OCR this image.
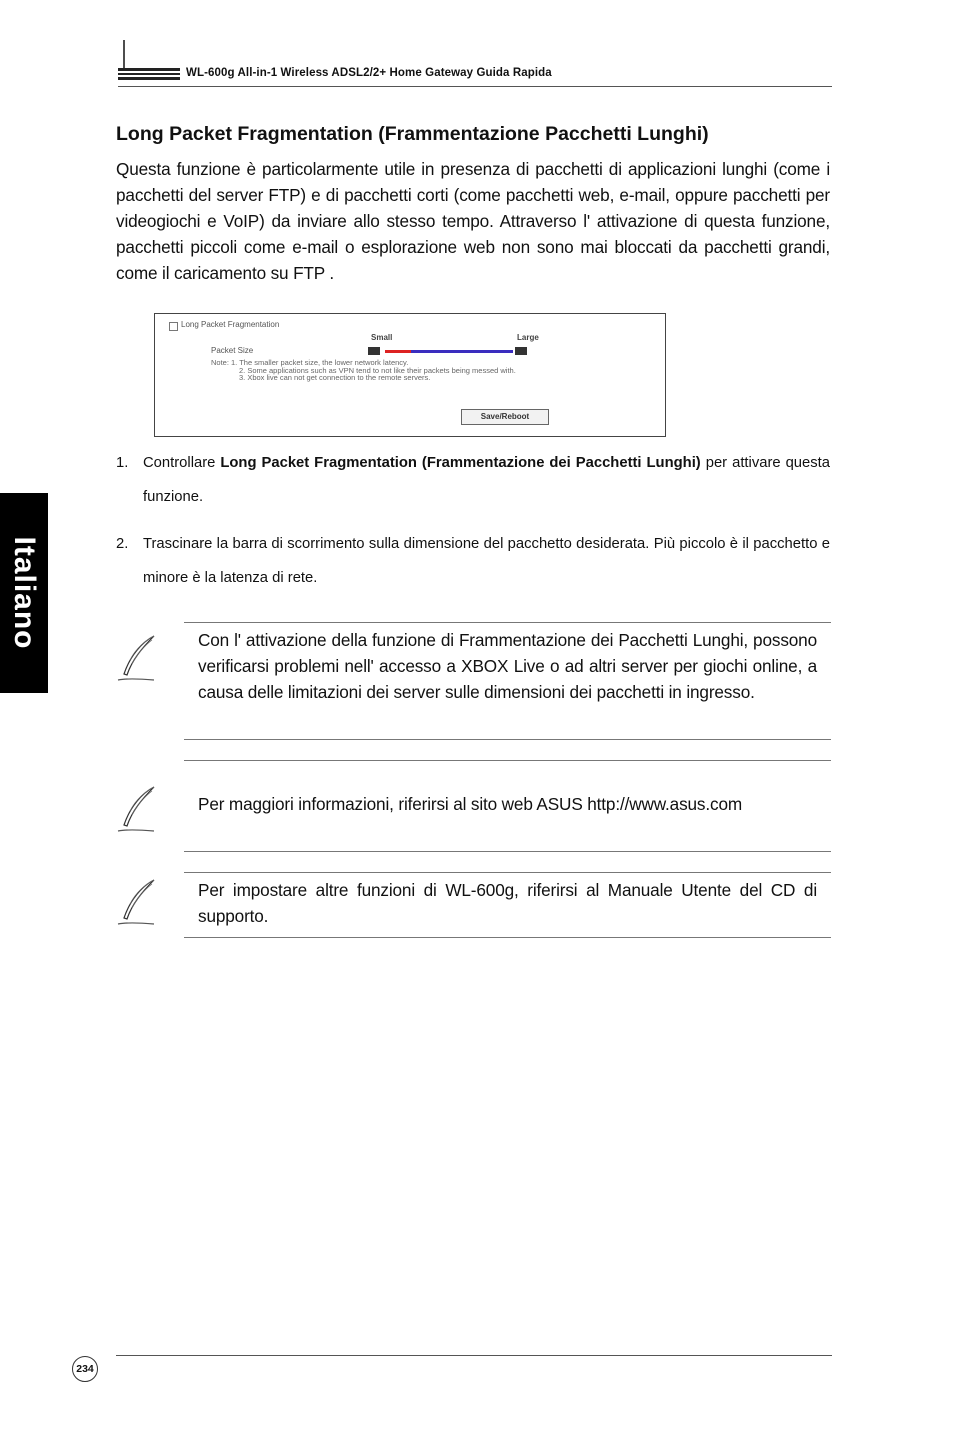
WL-600g All-in-1 Wireless ADSL2/2+ Home Gateway Guida Rapida
Italiano
Long Packet Fragmentation (Frammentazione Pacchetti Lunghi)
Questa funzione è particolarmente utile in presenza di pacchetti di applicazioni lunghi (come i pacchetti del server FTP) e di pacchetti corti (come pacchetti web, e-mail, oppure pacchetti per videogiochi e VoIP) da inviare allo stesso tempo. Attraverso l' attivazione di questa funzione, pacchetti piccoli come e-mail o esplorazione web non sono mai bloccati da pacchetti grandi, come il caricamento su FTP .
Long Packet Fragmentation
Small	Large
Packet Size
Note: 1. The smaller packet size, the lower network latency.
2. Some applications such as VPN tend to not like their packets being messed with.
3. Xbox live can not get connection to the remote servers.
Save/Reboot
1. Controllare Long Packet Fragmentation (Frammentazione dei Pacchetti Lunghi) per attivare questa funzione.
2. Trascinare la barra di scorrimento sulla dimensione del pacchetto desiderata. Più piccolo è il pacchetto e minore è la latenza di rete.
Con l' attivazione della funzione di Frammentazione dei Pacchetti Lunghi, possono verificarsi problemi nell' accesso a XBOX Live o ad altri server per giochi online, a causa delle limitazioni dei server sulle dimensioni dei pacchetti in ingresso.
Per maggiori informazioni, riferirsi al sito web ASUS http://www.asus.com
Per impostare altre funzioni di WL-600g, riferirsi al Manuale Utente del CD di supporto.
234
